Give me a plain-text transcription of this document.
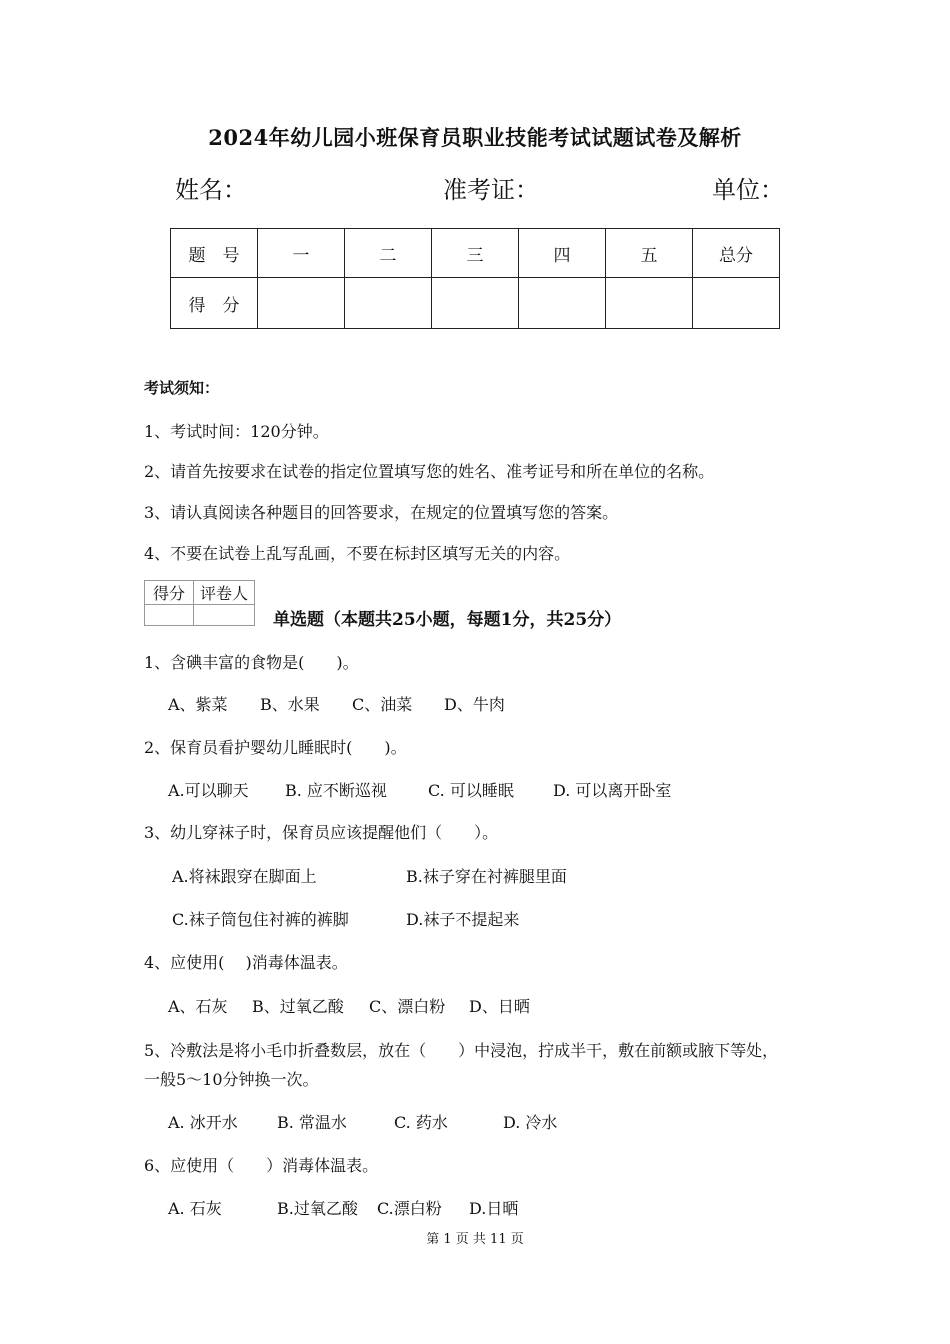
2024年幼儿园小班保育员职业技能考试试题试卷及解析
姓名：	准考证：	单位：
题　号	一	二	三	四	五	总分
得　分						
考试须知：
1、考试时间：120分钟。
2、请首先按要求在试卷的指定位置填写您的姓名、准考证号和所在单位的名称。
3、请认真阅读各种题目的回答要求，在规定的位置填写您的答案。
4、不要在试卷上乱写乱画，不要在标封区填写无关的内容。
得分	评卷人

单选题（本题共25小题，每题1分，共25分）
1、含碘丰富的食物是(　　)。
A、紫菜 B、水果 C、油菜 D、牛肉
2、保育员看护婴幼儿睡眠时(　　)。
A.可以聊天 B. 应不断巡视	C. 可以睡眠 D. 可以离开卧室
3、幼儿穿袜子时，保育员应该提醒他们（　　）。
A.将袜跟穿在脚面上	B.袜子穿在衬裤腿里面
C.袜子筒包住衬裤的裤脚	D.袜子不提起来
4、应使用(　 )消毒体温表。
A、石灰 B、过氧乙酸 C、漂白粉 D、日晒
5、冷敷法是将小毛巾折叠数层，放在（　　）中浸泡，拧成半干，敷在前额或腋下等处，
一般5～10分钟换一次。
A. 冰开水 B. 常温水	C. 药水	D. 冷水
6、应使用（　　）消毒体温表。
A. 石灰	B.过氧乙酸 C.漂白粉 D.日晒
第 1 页 共 11 页
